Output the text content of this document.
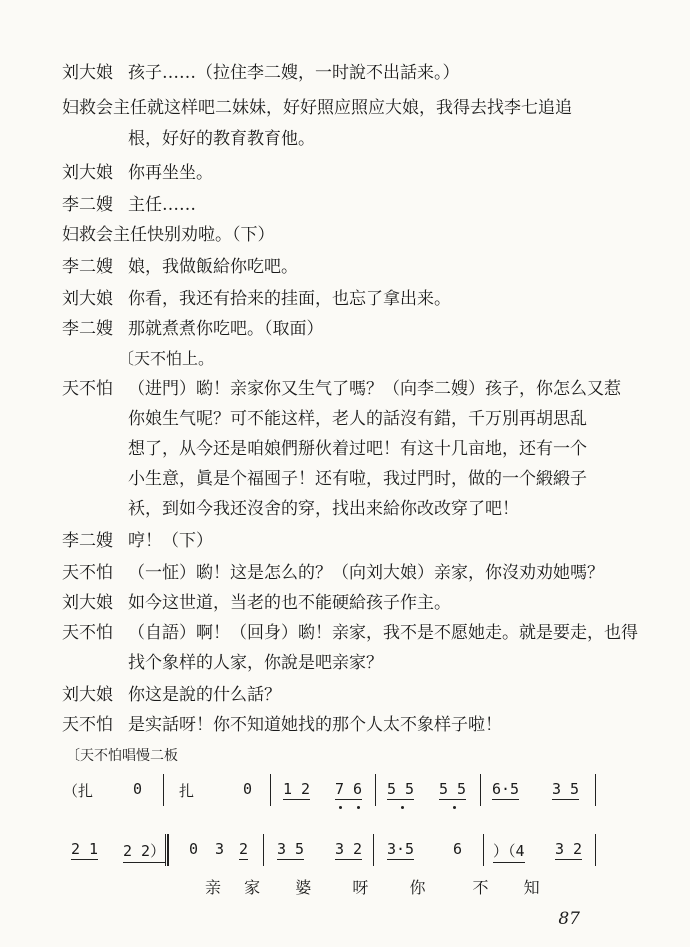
刘大娘 孩子……（拉住李二嫂，一时說不出話来。）
妇救会主任就这样吧二妹妹，好好照应照应大娘，我得去找李七追追
根，好好的教育教育他。
刘大娘 你再坐坐。
李二嫂 主任……
妇救会主任快别劝啦。（下）
李二嫂 娘，我做飯給你吃吧。
刘大娘 你看，我还有拾来的挂面，也忘了拿出来。
李二嫂 那就煮煮你吃吧。（取面）
〔天不怕上。
天不怕 （进門）喲！亲家你又生气了嗎？（向李二嫂）孩子，你怎么又惹
你娘生气呢？可不能这样，老人的話沒有錯，千万別再胡思乱
想了，从今还是咱娘們掰伙着过吧！有这十几亩地，还有一个
小生意，眞是个福囤子！还有啦，我过門时，做的一个緞緞子
袄，到如今我还沒舍的穿，找出来給你改改穿了吧！
李二嫂 哼！（下）
天不怕 （一怔）喲！这是怎么的？（向刘大娘）亲家，你沒劝劝她嗎？
刘大娘 如今这世道，当老的也不能硬給孩子作主。
天不怕 （自語）啊！（回身）喲！亲家，我不是不愿她走。就是要走，也得
找个象样的人家，你說是吧亲家？
刘大娘 你这是說的什么話？
天不怕 是实話呀！你不知道她找的那个人太不象样子啦！
〔天不怕唱慢二板
（扎	0 扎	0 1 2 7 6 5 5 5 5 6·5 3 5
2 1 2 2） 0 3 2 3 5 3 2 3·5	6 ）（4 3 2
亲 家 婆	呀	你	不 知
87
